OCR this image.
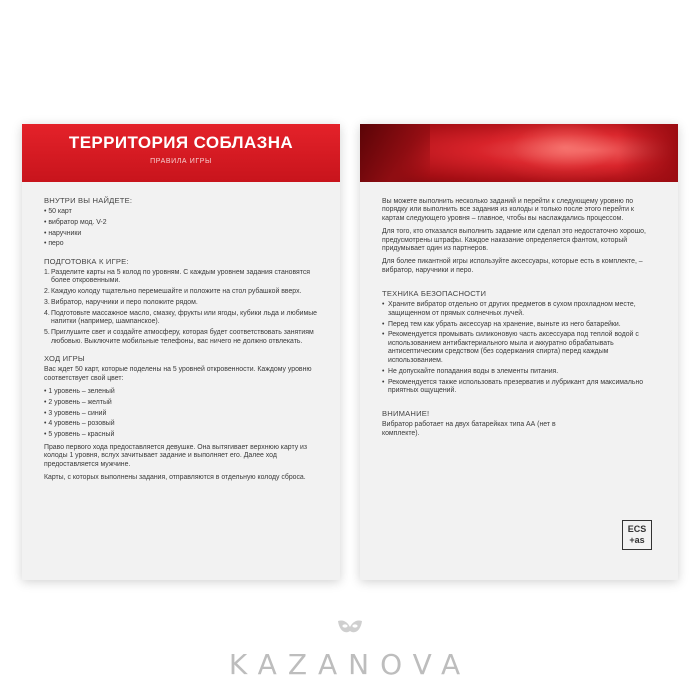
ТЕРРИТОРИЯ СОБЛАЗНА
ПРАВИЛА ИГРЫ
ВНУТРИ ВЫ НАЙДЕТЕ:
• 50 карт
• вибратор мод. V-2
• наручники
• перо
ПОДГОТОВКА К ИГРЕ:
1.Разделите карты на 5 колод по уровням. С каждым уровнем задания становятся более откровенными.
2.Каждую колоду тщательно перемешайте и положите на стол рубашкой вверх.
3.Вибратор, наручники и перо положите рядом.
4.Подготовьте массажное масло, смазку, фрукты или ягоды, кубики льда и любимые напитки (например, шампанское).
5.Приглушите свет и создайте атмосферу, которая будет соответствовать занятиям любовью. Выключите мобильные телефоны, вас ничего не должно отвлекать.
ХОД ИГРЫ
Вас ждет 50 карт, которые поделены на 5 уровней откровенности. Каждому уровню соответствует свой цвет:
• 1 уровень – зеленый
• 2 уровень – желтый
• 3 уровень – синий
• 4 уровень – розовый
• 5 уровень – красный
Право первого хода предоставляется девушке. Она вытягивает верхнюю карту из колоды 1 уровня, вслух зачитывает задание и выполняет его. Далее ход предоставляется мужчине.
Карты, с которых выполнены задания, отправляются в отдельную колоду сброса.
Вы можете выполнить несколько заданий и перейти к следующему уровню по порядку или выполнить все задания из колоды и только после этого перейти к картам следующего уровня – главное, чтобы вы наслаждались процессом.
Для того, кто отказался выполнить задание или сделал это недостаточно хорошо, предусмотрены штрафы. Каждое наказание определяется фантом, который придумывает один из партнеров.
Для более пикантной игры используйте аксессуары, которые есть в комплекте, – вибратор, наручники и перо.
ТЕХНИКА БЕЗОПАСНОСТИ
• Храните вибратор отдельно от других предметов в сухом прохладном месте, защищенном от прямых солнечных лучей.
• Перед тем как убрать аксессуар на хранение, выньте из него батарейки.
• Рекомендуется промывать силиконовую часть аксессуара под теплой водой с использованием антибактериального мыла и аккуратно обрабатывать антисептическим средством (без содержания спирта) перед каждым использованием.
• Не допускайте попадания воды в элементы питания.
• Рекомендуется также использовать презерватив и лубрикант для максимально приятных ощущений.
ВНИМАНИЕ!
Вибратор работает на двух батарейках типа АА (нет в комплекте).
ЕCS
+as
KAZANOVA
